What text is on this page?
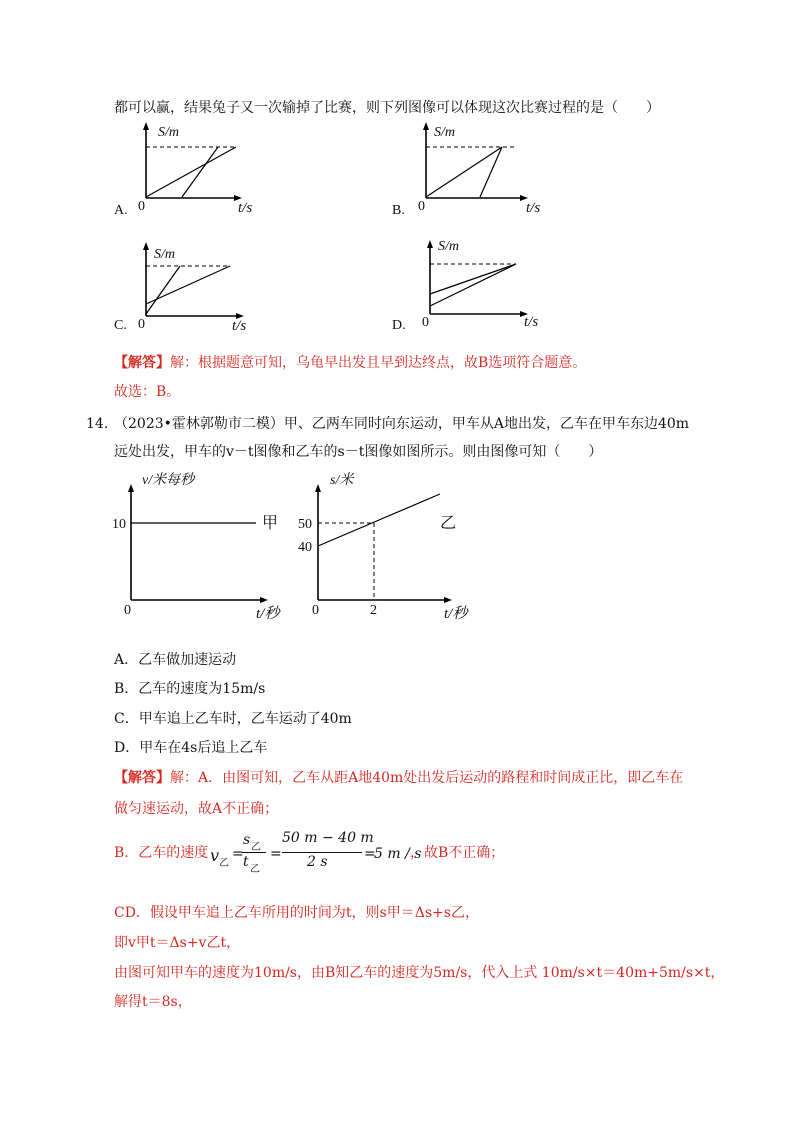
都可以赢，结果兔子又一次输掉了比赛，则下列图像可以体现这次比赛过程的是（　　）
S/m
0	t/s
A.
S/m
0	t/s
B.
S/m
0	t/s
C.
S/m
0	t/s
D.
【解答】解：根据题意可知，乌龟早出发且早到达终点，故B选项符合题意。
故选：B。
14. （2023•霍林郭勒市二模）甲、乙两车同时向东运动，甲车从A地出发，乙车在甲车东边40m
远处出发，甲车的v－t图像和乙车的s－t图像如图所示。则由图像可知（　　）
v/米每秒
10
0	t/秒
甲
s/米
50
40
0	2	t/秒
乙
A．乙车做加速运动
B．乙车的速度为15m/s
C．甲车追上乙车时，乙车运动了40m
D．甲车在4s后追上乙车
【解答】解：A．由图可知，乙车从距A地40m处出发后运动的路程和时间成正比，即乙车在
做匀速运动，故A不正确；
B．乙车的速度 v 乙
=
s 乙
t 乙
=
50 m − 40 m
2 s	=
5 m / s
，故B不正确；
CD．假设甲车追上乙车所用的时间为t，则s甲＝Δs+s乙，
即v甲t＝Δs+v乙t，
由图可知甲车的速度为10m/s，由B知乙车的速度为5m/s，代入上式 10m/s×t＝40m+5m/s×t，
解得t＝8s，
